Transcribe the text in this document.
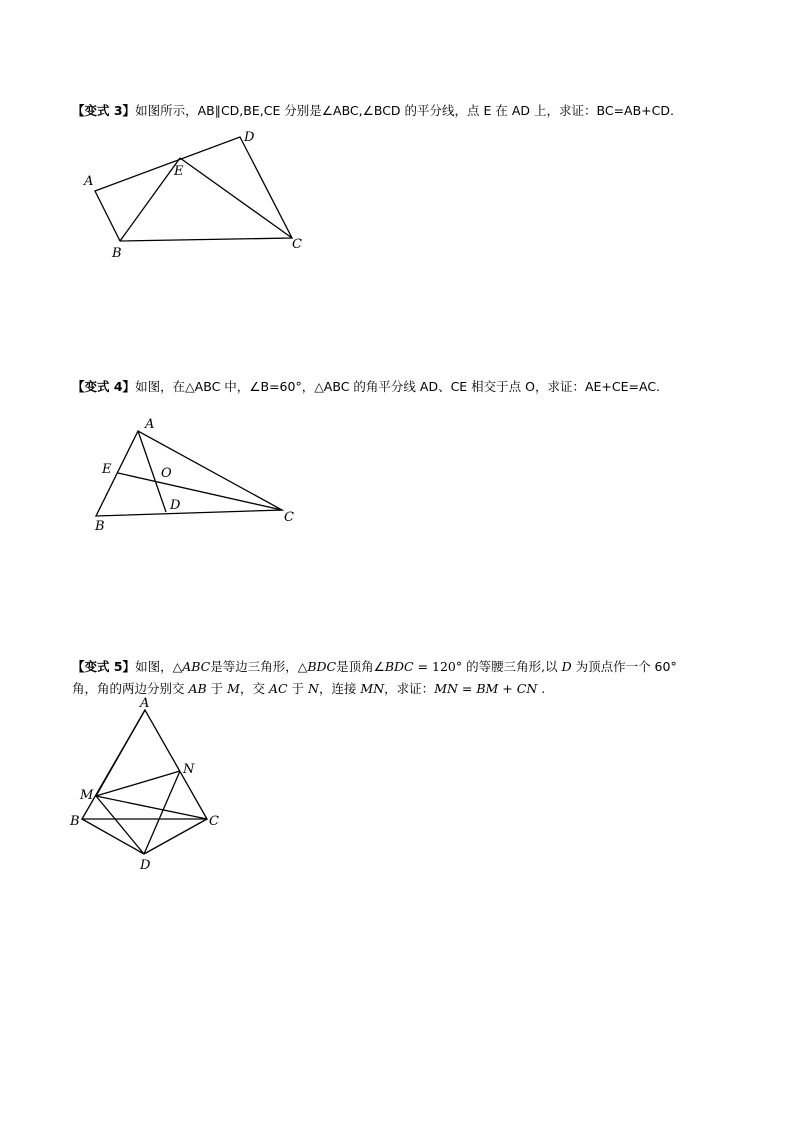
【变式 3】如图所示，AB∥CD,BE,CE 分别是∠ABC,∠BCD 的平分线，点 E 在 AD 上，求证：BC=AB+CD.
A
B
C
D
E
【变式 4】如图，在△ABC 中，∠B=60°，△ABC 的角平分线 AD、CE 相交于点 O，求证：AE+CE=AC.
A
B
C
D
E	O
【变式 5】如图，△ABC是等边三角形，△BDC是顶角∠BDC = 120° 的等腰三角形,以 D 为顶点作一个 60°
角，角的两边分别交 AB 于 M，交 AC 于 N，连接 MN，求证：MN = BM + CN .
A
B	C
D
M
N
